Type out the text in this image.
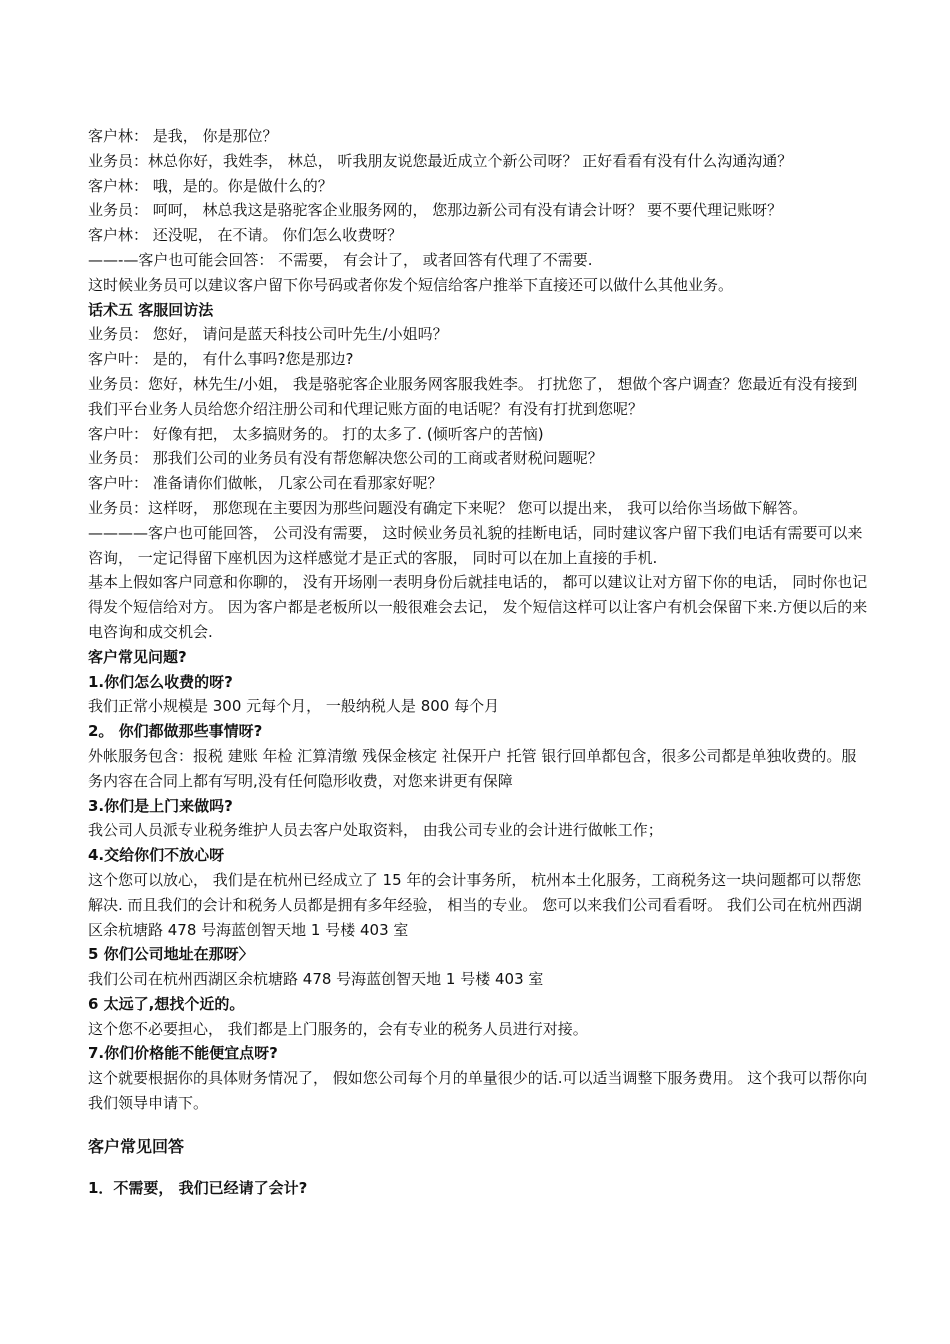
客户林： 是我， 你是那位？

业务员：林总你好，我姓李， 林总， 听我朋友说您最近成立个新公司呀？ 正好看看有没有什么沟通沟通？

客户林： 哦，是的。你是做什么的？

业务员： 呵呵， 林总我这是骆驼客企业服务网的， 您那边新公司有没有请会计呀？ 要不要代理记账呀？

客户林： 还没呢， 在不请。 你们怎么收费呀？

——-—客户也可能会回答： 不需要， 有会计了， 或者回答有代理了不需要.

这时候业务员可以建议客户留下你号码或者你发个短信给客户推举下直接还可以做什么其他业务。

话术五 客服回访法

业务员： 您好， 请问是蓝天科技公司叶先生/小姐吗？

客户叶： 是的， 有什么事吗?您是那边?

业务员：您好，林先生/小姐， 我是骆驼客企业服务网客服我姓李。 打扰您了， 想做个客户调查？您最近有没有接到我们平台业务人员给您介绍注册公司和代理记账方面的电话呢？有没有打扰到您呢？

客户叶： 好像有把， 太多搞财务的。 打的太多了. (倾听客户的苦恼)

业务员： 那我们公司的业务员有没有帮您解决您公司的工商或者财税问题呢？

客户叶： 准备请你们做帐， 几家公司在看那家好呢？

业务员：这样呀， 那您现在主要因为那些问题没有确定下来呢？ 您可以提出来， 我可以给你当场做下解答。

————客户也可能回答， 公司没有需要， 这时候业务员礼貌的挂断电话，同时建议客户留下我们电话有需要可以来咨询， 一定记得留下座机因为这样感觉才是正式的客服， 同时可以在加上直接的手机.

基本上假如客户同意和你聊的， 没有开场刚一表明身份后就挂电话的， 都可以建议让对方留下你的电话， 同时你也记得发个短信给对方。 因为客户都是老板所以一般很难会去记， 发个短信这样可以让客户有机会保留下来.方便以后的来电咨询和成交机会.

客户常见问题?

1.你们怎么收费的呀?

我们正常小规模是 300 元每个月， 一般纳税人是 800 每个月

2。 你们都做那些事情呀?

外帐服务包含：报税 建账 年检 汇算清缴 残保金核定 社保开户 托管 银行回单都包含，很多公司都是单独收费的。服务内容在合同上都有写明,没有任何隐形收费，对您来讲更有保障

3.你们是上门来做吗?

我公司人员派专业税务维护人员去客户处取资料， 由我公司专业的会计进行做帐工作；

4.交给你们不放心呀

这个您可以放心， 我们是在杭州已经成立了 15 年的会计事务所， 杭州本土化服务，工商税务这一块问题都可以帮您解决. 而且我们的会计和税务人员都是拥有多年经验， 相当的专业。 您可以来我们公司看看呀。 我们公司在杭州西湖区余杭塘路 478 号海蓝创智天地 1 号楼 403 室

5 你们公司地址在那呀〉

我们公司在杭州西湖区余杭塘路 478 号海蓝创智天地 1 号楼 403 室

6 太远了,想找个近的。

这个您不必要担心， 我们都是上门服务的，会有专业的税务人员进行对接。

7.你们价格能不能便宜点呀?

这个就要根据你的具体财务情况了， 假如您公司每个月的单量很少的话.可以适当调整下服务费用。 这个我可以帮你向我们领导申请下。

客户常见回答

1．不需要， 我们已经请了会计?
